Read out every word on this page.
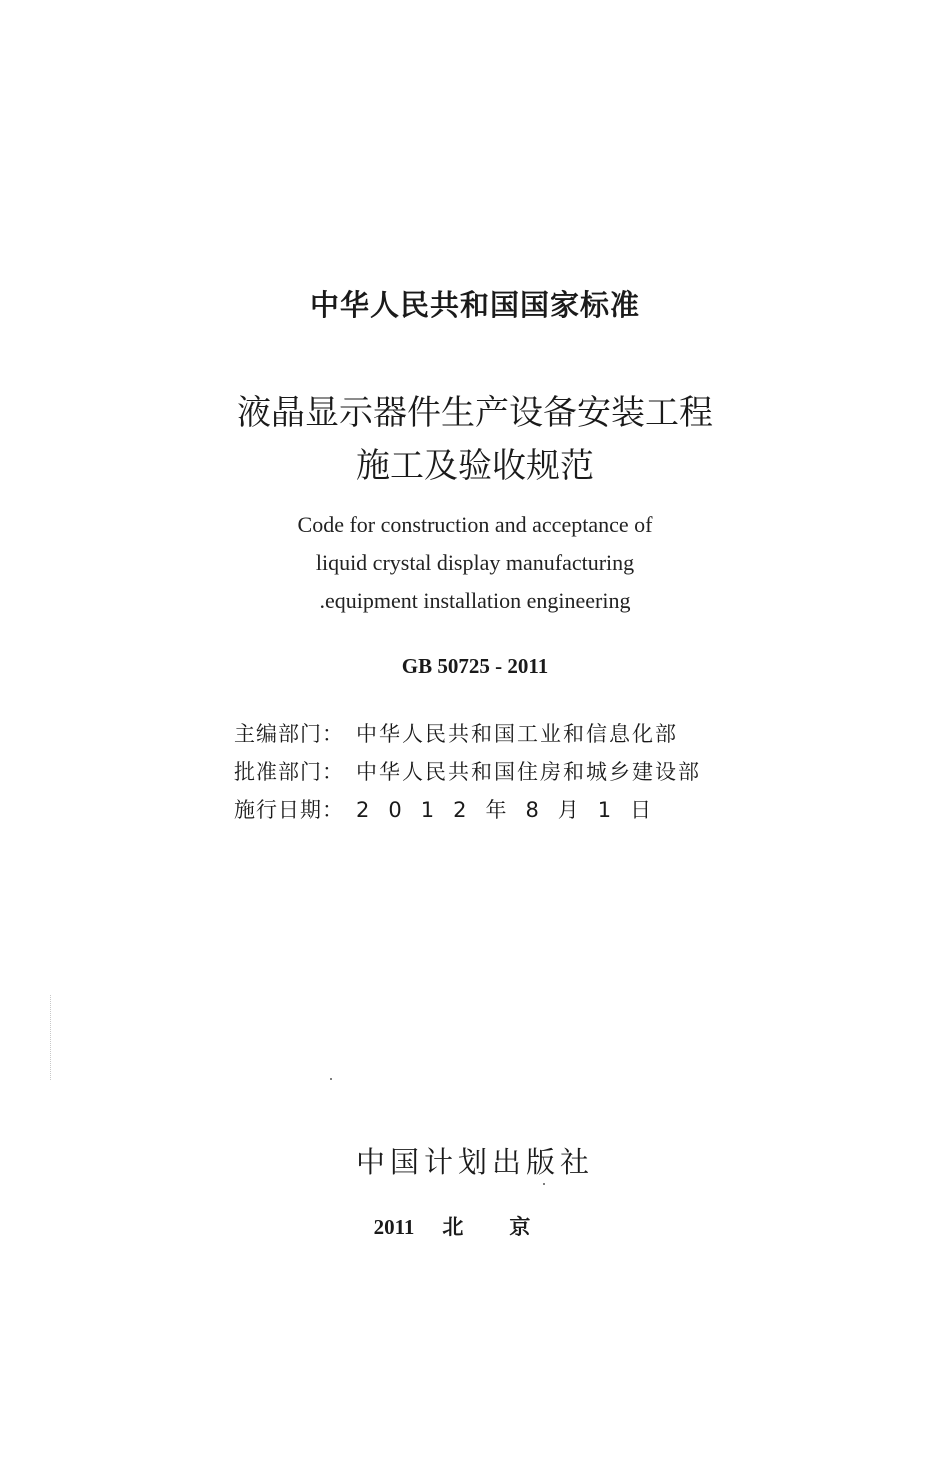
中华人民共和国国家标准
液晶显示器件生产设备安装工程
施工及验收规范
Code for construction and acceptance of
liquid crystal display manufacturing
.equipment installation engineering
GB 50725 - 2011
主编部门： 中华人民共和国工业和信息化部
批准部门： 中华人民共和国住房和城乡建设部
施行日期： 2012年8月1日
中国计划出版社
2011 北京
